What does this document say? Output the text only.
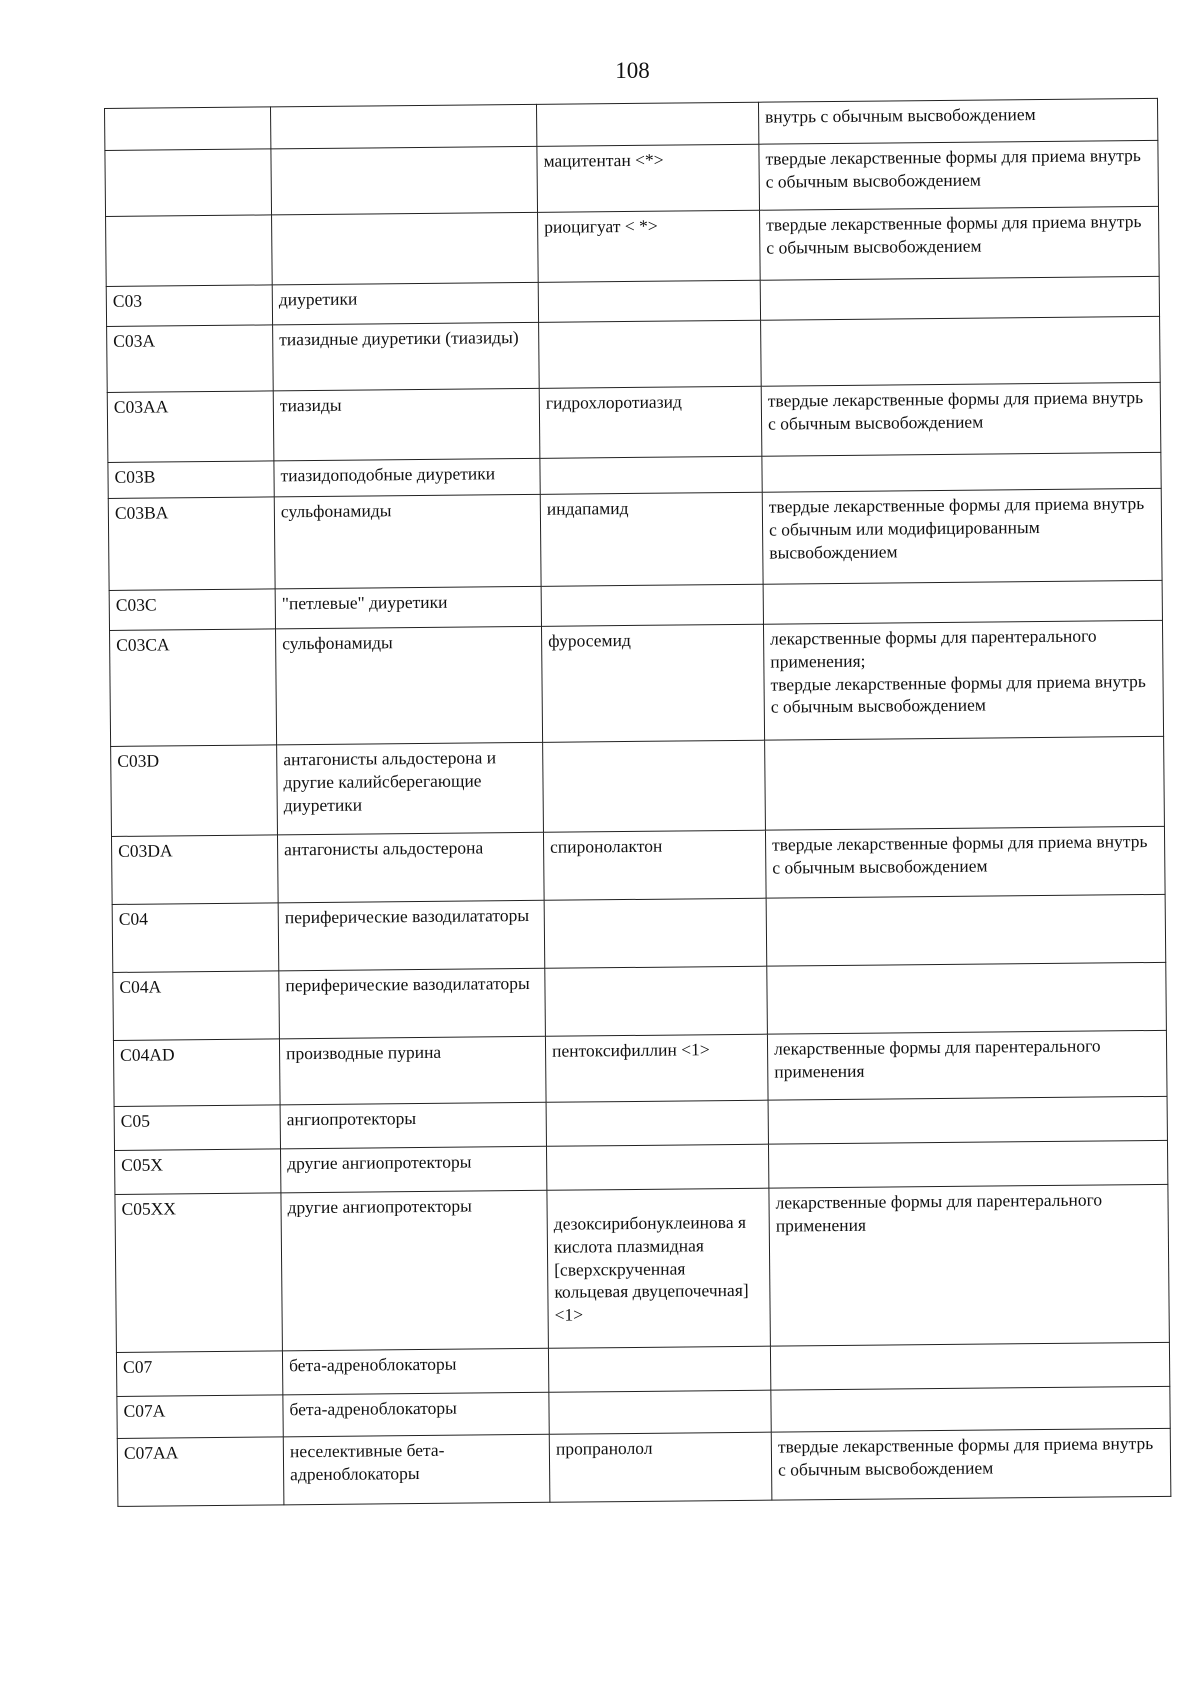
108

			внутрь с обычным высвобождением

		мацитентан <*>	твердые лекарственные формы для приема внутрь с обычным высвобождением

		риоцигуат < *>	твердые лекарственные формы для приема внутрь с обычным высвобождением

C03	диуретики		

C03A	тиазидные диуретики (тиазиды)		

C03AA	тиазиды	гидрохлоротиазид	твердые лекарственные формы для приема внутрь с обычным высвобождением

C03B	тиазидоподобные диуретики		

C03BA	сульфонамиды	индапамид	твердые лекарственные формы для приема внутрь с обычным или модифицированным высвобождением

C03C	"петлевые" диуретики		

C03CA	сульфонамиды	фуросемид	лекарственные формы для парентерального применения;
твердые лекарственные формы для приема внутрь с обычным высвобождением

C03D	антагонисты альдостерона и другие калийсберегающие диуретики		

C03DA	антагонисты альдостерона	спиронолактон	твердые лекарственные формы для приема внутрь с обычным высвобождением

C04	периферические вазодилататоры		

C04A	периферические вазодилататоры		

C04AD	производные пурина	пентоксифиллин <1>	лекарственные формы для парентерального применения

C05	ангиопротекторы		

C05X	другие ангиопротекторы		

C05XX	другие ангиопротекторы	дезоксирибонуклеинова я кислота плазмидная [сверхскрученная кольцевая двуцепочечная] <1>	лекарственные формы для парентерального применения

C07	бета-адреноблокаторы		

C07A	бета-адреноблокаторы		

C07AA	неселективные бета-адреноблокаторы	пропранолол	твердые лекарственные формы для приема внутрь с обычным высвобождением
